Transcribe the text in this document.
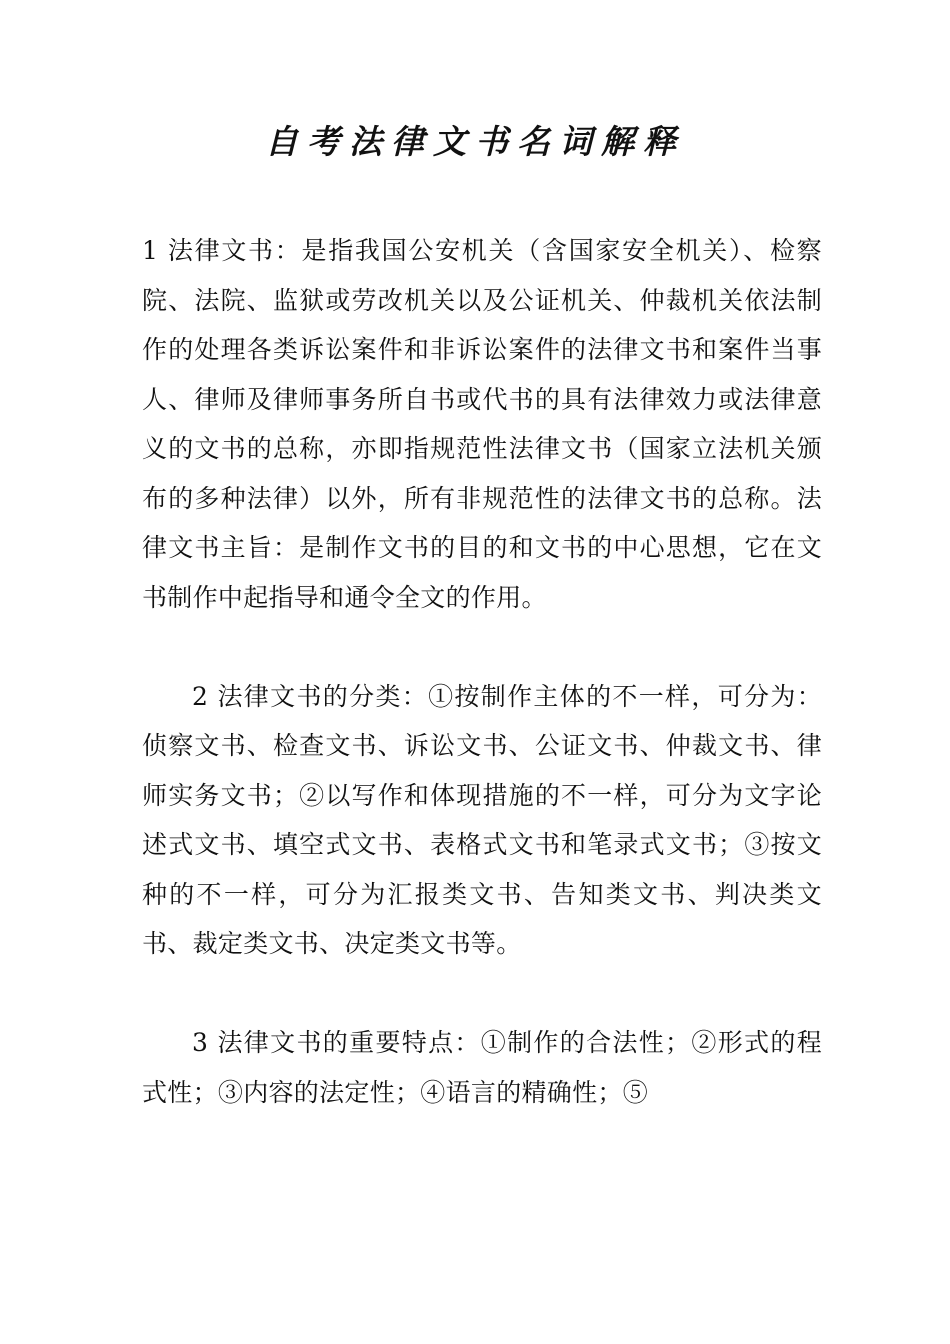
自考法律文书名词解释

1 法律文书：是指我国公安机关（含国家安全机关）、检察院、法院、监狱或劳改机关以及公证机关、仲裁机关依法制作的处理各类诉讼案件和非诉讼案件的法律文书和案件当事人、律师及律师事务所自书或代书的具有法律效力或法律意义的文书的总称，亦即指规范性法律文书（国家立法机关颁布的多种法律）以外，所有非规范性的法律文书的总称。法律文书主旨：是制作文书的目的和文书的中心思想，它在文书制作中起指导和通令全文的作用。

2 法律文书的分类：①按制作主体的不一样，可分为：侦察文书、检查文书、诉讼文书、公证文书、仲裁文书、律师实务文书；②以写作和体现措施的不一样，可分为文字论述式文书、填空式文书、表格式文书和笔录式文书；③按文种的不一样，可分为汇报类文书、告知类文书、判决类文书、裁定类文书、决定类文书等。

3 法律文书的重要特点：①制作的合法性；②形式的程式性；③内容的法定性；④语言的精确性；⑤
